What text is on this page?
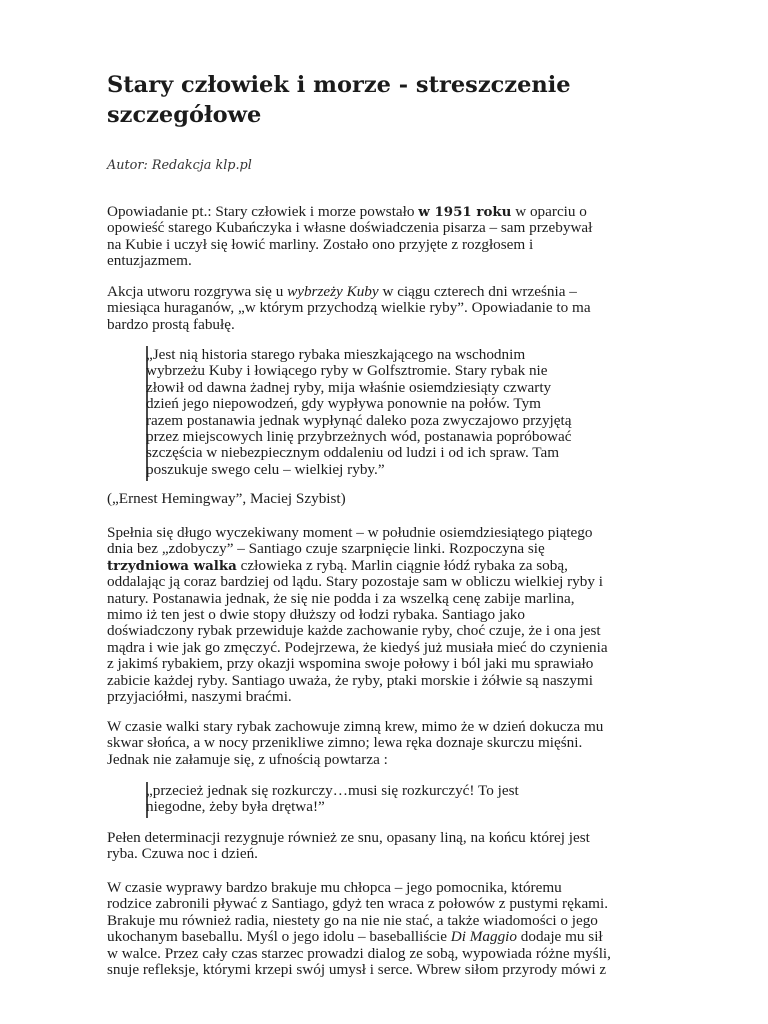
Stary człowiek i morze - streszczenie
szczegółowe

Autor: Redakcja klp.pl

Opowiadanie pt.: Stary człowiek i morze powstało w 1951 roku w oparciu o
opowieść starego Kubańczyka i własne doświadczenia pisarza – sam przebywał
na Kubie i uczył się łowić marliny. Zostało ono przyjęte z rozgłosem i
entuzjazmem.

Akcja utworu rozgrywa się u wybrzeży Kuby w ciągu czterech dni września –
miesiąca huraganów, „w którym przychodzą wielkie ryby”. Opowiadanie to ma
bardzo prostą fabułę.

„Jest nią historia starego rybaka mieszkającego na wschodnim
wybrzeżu Kuby i łowiącego ryby w Golfsztromie. Stary rybak nie
złowił od dawna żadnej ryby, mija właśnie osiemdziesiąty czwarty
dzień jego niepowodzeń, gdy wypływa ponownie na połów. Tym
razem postanawia jednak wypłynąć daleko poza zwyczajowo przyjętą
przez miejscowych linię przybrzeżnych wód, postanawia popróbować
szczęścia w niebezpiecznym oddaleniu od ludzi i od ich spraw. Tam
poszukuje swego celu – wielkiej ryby.”

(„Ernest Hemingway”, Maciej Szybist)

Spełnia się długo wyczekiwany moment – w południe osiemdziesiątego piątego
dnia bez „zdobyczy” – Santiago czuje szarpnięcie linki. Rozpoczyna się
trzydniowa walka człowieka z rybą. Marlin ciągnie łódź rybaka za sobą,
oddalając ją coraz bardziej od lądu. Stary pozostaje sam w obliczu wielkiej ryby i
natury. Postanawia jednak, że się nie podda i za wszelką cenę zabije marlina,
mimo iż ten jest o dwie stopy dłuższy od łodzi rybaka. Santiago jako
doświadczony rybak przewiduje każde zachowanie ryby, choć czuje, że i ona jest
mądra i wie jak go zmęczyć. Podejrzewa, że kiedyś już musiała mieć do czynienia
z jakimś rybakiem, przy okazji wspomina swoje połowy i ból jaki mu sprawiało
zabicie każdej ryby. Santiago uważa, że ryby, ptaki morskie i żółwie są naszymi
przyjaciółmi, naszymi braćmi.

W czasie walki stary rybak zachowuje zimną krew, mimo że w dzień dokucza mu
skwar słońca, a w nocy przenikliwe zimno; lewa ręka doznaje skurczu mięśni.
Jednak nie załamuje się, z ufnością powtarza :

„przecież jednak się rozkurczy…musi się rozkurczyć! To jest
niegodne, żeby była drętwa!”

Pełen determinacji rezygnuje również ze snu, opasany liną, na końcu której jest
ryba. Czuwa noc i dzień.

W czasie wyprawy bardzo brakuje mu chłopca – jego pomocnika, któremu
rodzice zabronili pływać z Santiago, gdyż ten wraca z połowów z pustymi rękami.
Brakuje mu również radia, niestety go na nie nie stać, a także wiadomości o jego
ukochanym baseballu. Myśl o jego idolu – baseballiście Di Maggio dodaje mu sił
w walce. Przez cały czas starzec prowadzi dialog ze sobą, wypowiada różne myśli,
snuje refleksje, którymi krzepi swój umysł i serce. Wbrew siłom przyrody mówi z
